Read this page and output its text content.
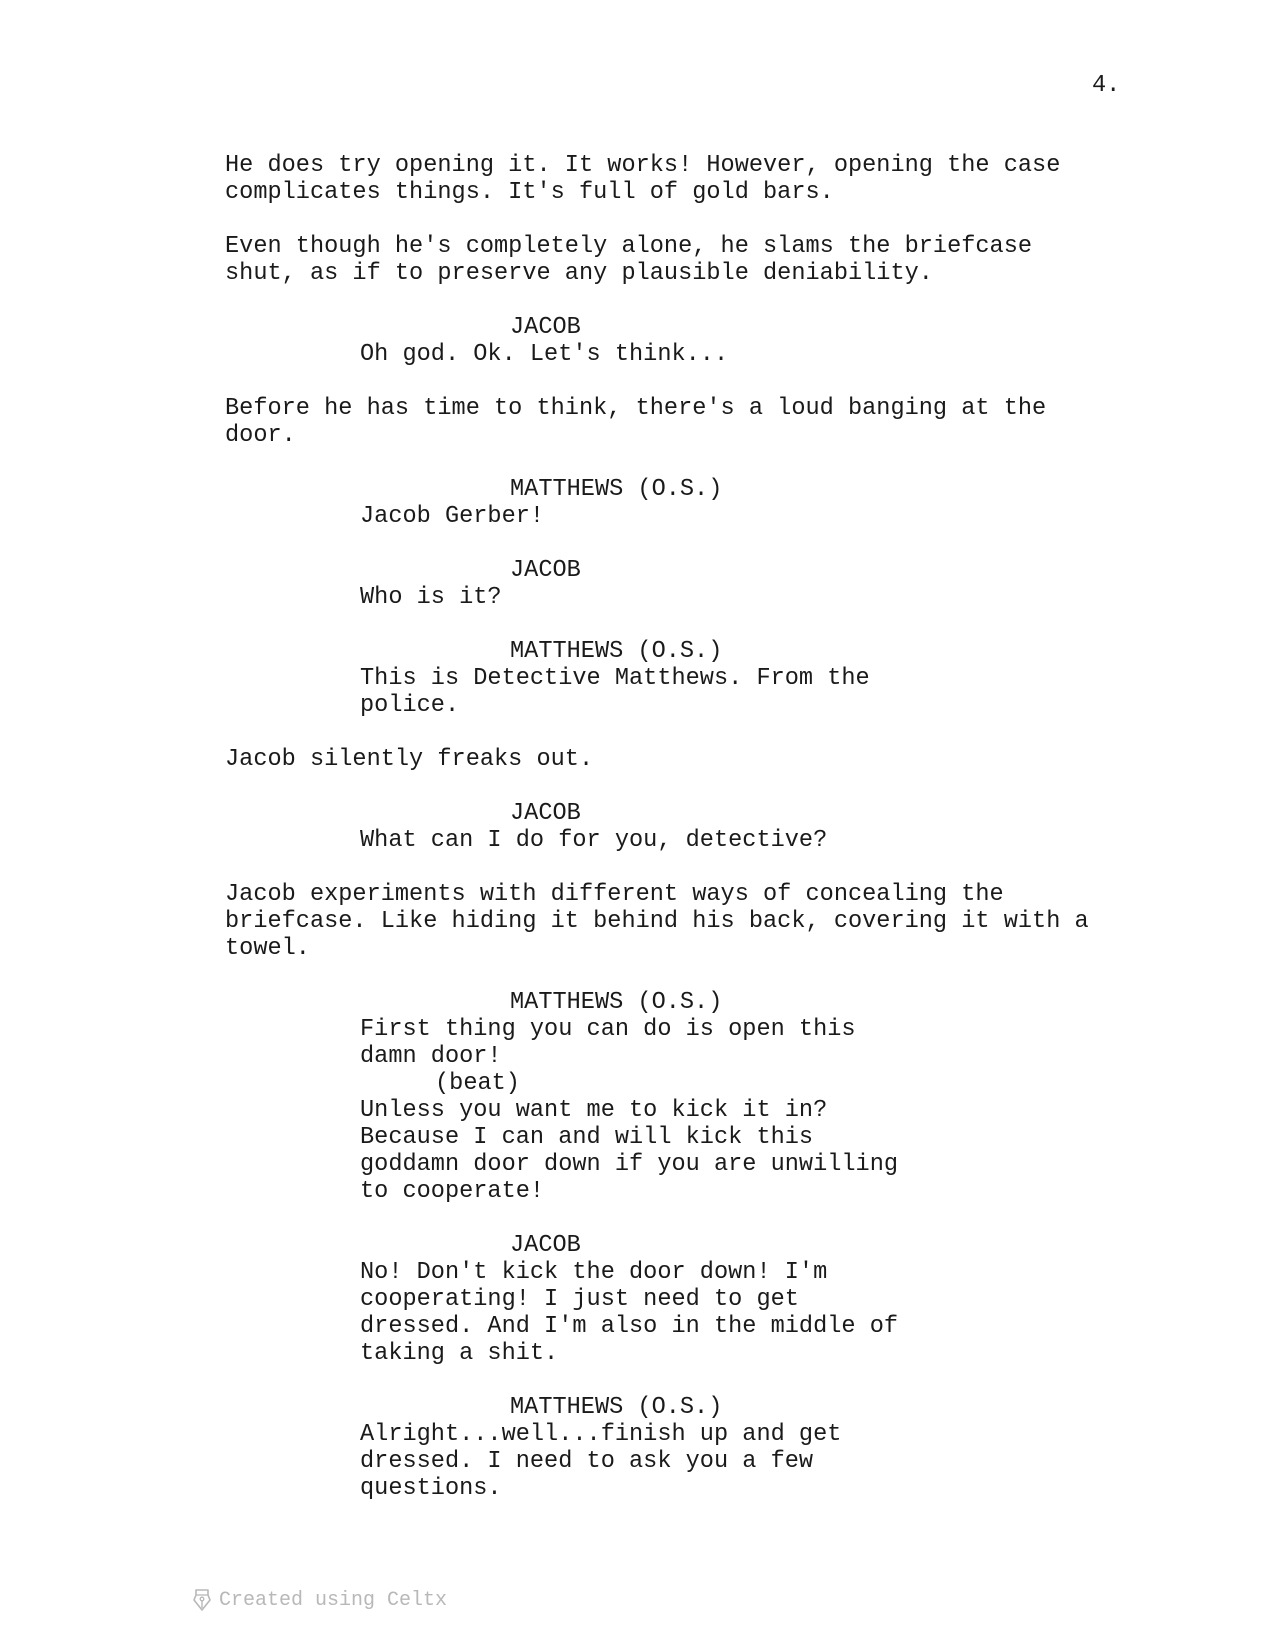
4.
He does try opening it. It works! However, opening the case
complicates things. It's full of gold bars.
Even though he's completely alone, he slams the briefcase
shut, as if to preserve any plausible deniability.
JACOB
Oh god. Ok. Let's think...
Before he has time to think, there's a loud banging at the
door.
MATTHEWS (O.S.)
Jacob Gerber!
JACOB
Who is it?
MATTHEWS (O.S.)
This is Detective Matthews. From the
police.
Jacob silently freaks out.
JACOB
What can I do for you, detective?
Jacob experiments with different ways of concealing the
briefcase. Like hiding it behind his back, covering it with a
towel.
MATTHEWS (O.S.)
First thing you can do is open this
damn door!
(beat)
Unless you want me to kick it in?
Because I can and will kick this
goddamn door down if you are unwilling
to cooperate!
JACOB
No! Don't kick the door down! I'm
cooperating! I just need to get
dressed. And I'm also in the middle of
taking a shit.
MATTHEWS (O.S.)
Alright...well...finish up and get
dressed. I need to ask you a few
questions.
Created using Celtx
